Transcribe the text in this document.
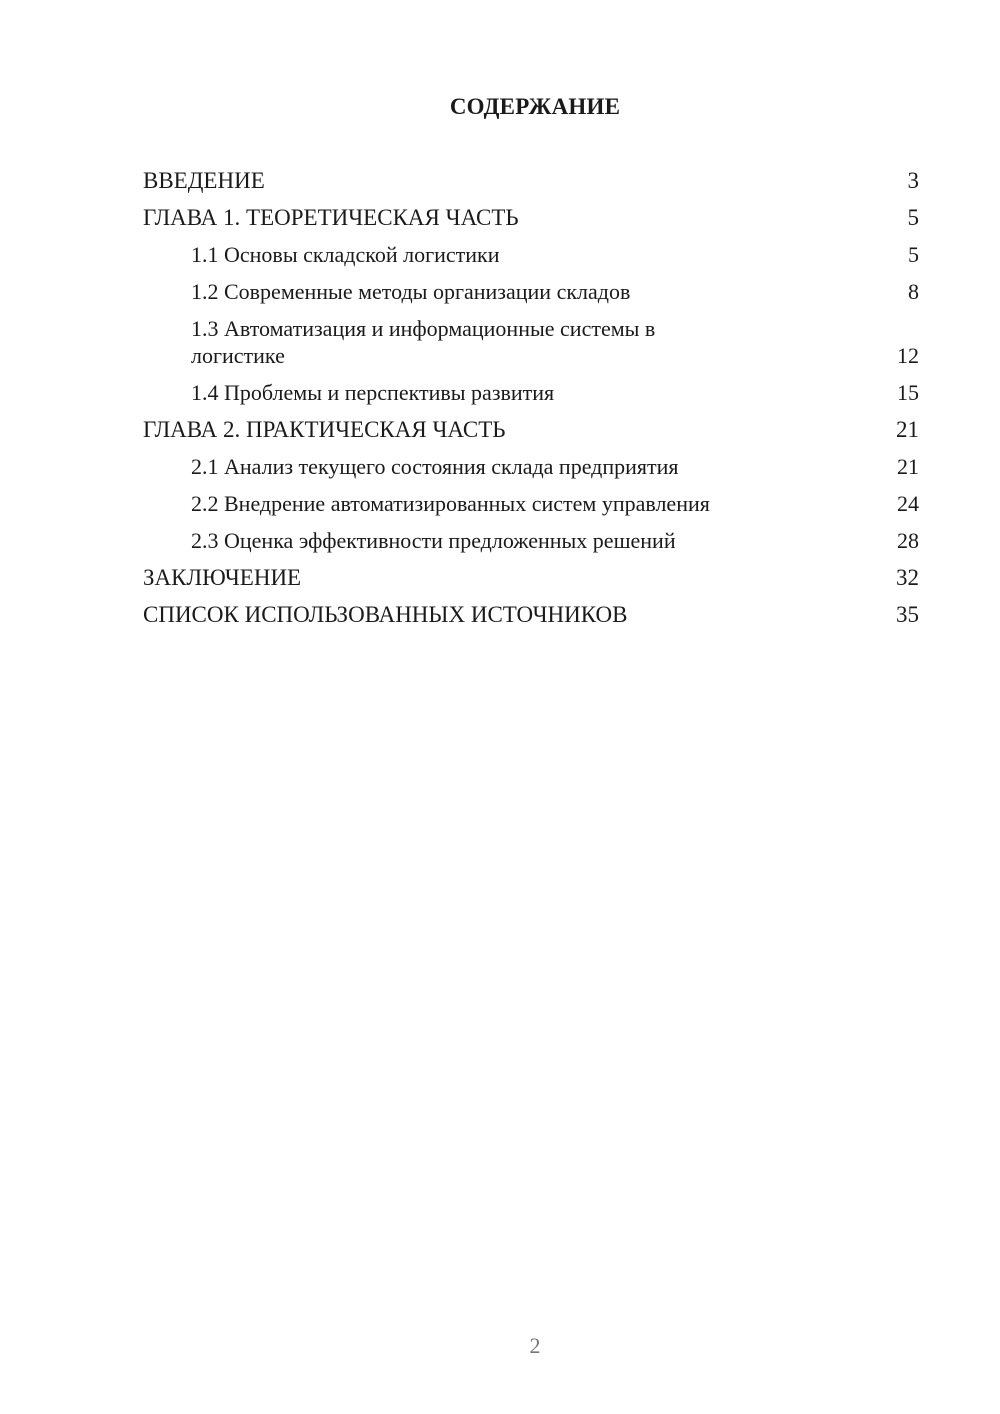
СОДЕРЖАНИЕ
ВВЕДЕНИЕ	3
ГЛАВА 1. ТЕОРЕТИЧЕСКАЯ ЧАСТЬ	5
1.1 Основы складской логистики	5
1.2 Современные методы организации складов	8
1.3 Автоматизация и информационные системы в логистике	12
1.4 Проблемы и перспективы развития	15
ГЛАВА 2. ПРАКТИЧЕСКАЯ ЧАСТЬ	21
2.1 Анализ текущего состояния склада предприятия	21
2.2 Внедрение автоматизированных систем управления	24
2.3 Оценка эффективности предложенных решений	28
ЗАКЛЮЧЕНИЕ	32
СПИСОК ИСПОЛЬЗОВАННЫХ ИСТОЧНИКОВ	35
2
